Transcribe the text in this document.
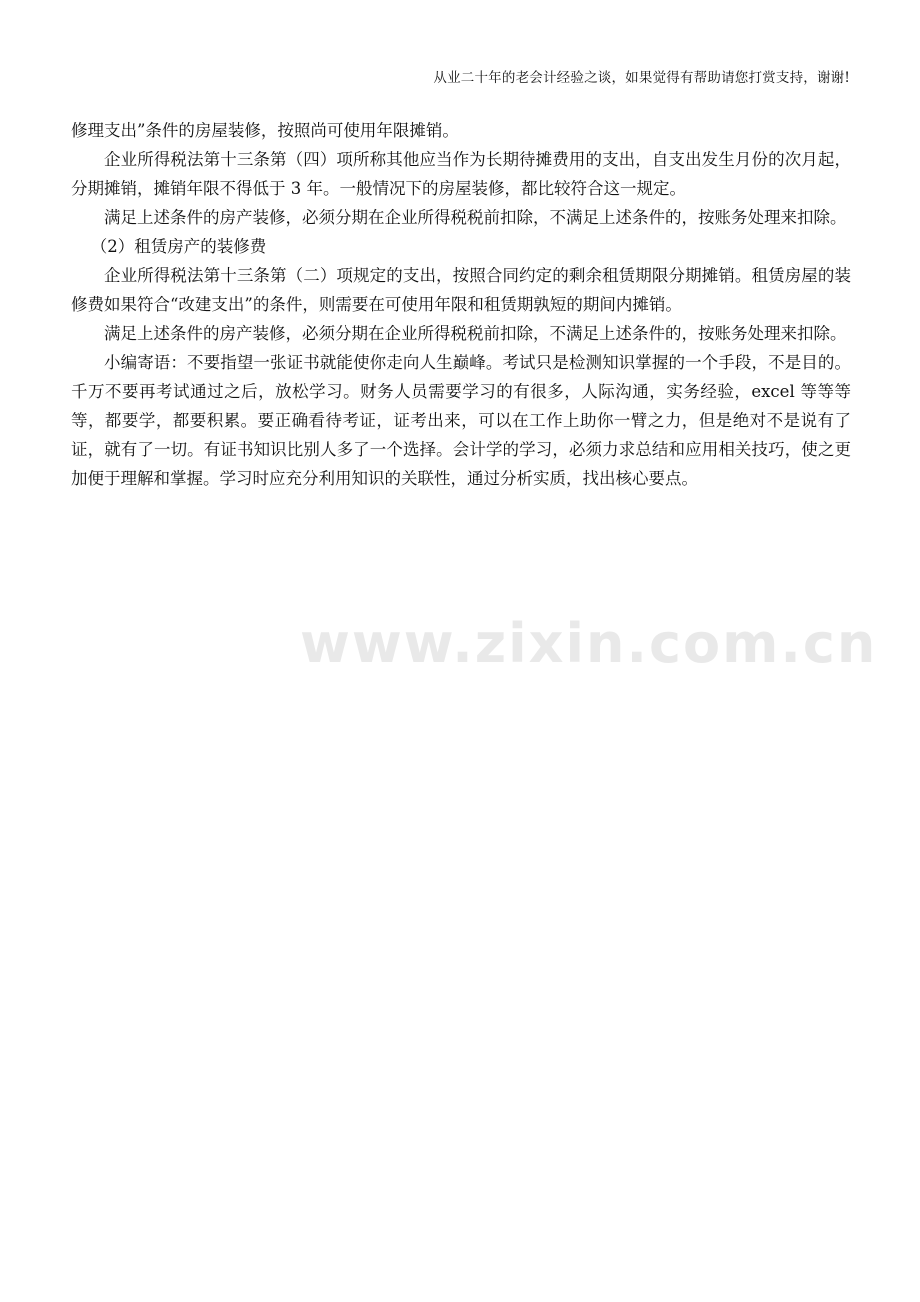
从业二十年的老会计经验之谈，如果觉得有帮助请您打赏支持，谢谢!
www.zixin.com.cn

修理支出”条件的房屋装修，按照尚可使用年限摊销。

企业所得税法第十三条第（四）项所称其他应当作为长期待摊费用的支出，自支出发生月份的次月起，分期摊销，摊销年限不得低于 3 年。一般情况下的房屋装修，都比较符合这一规定。

满足上述条件的房产装修，必须分期在企业所得税税前扣除，不满足上述条件的，按账务处理来扣除。

（2）租赁房产的装修费

企业所得税法第十三条第（二）项规定的支出，按照合同约定的剩余租赁期限分期摊销。租赁房屋的装修费如果符合“改建支出”的条件，则需要在可使用年限和租赁期孰短的期间内摊销。

满足上述条件的房产装修，必须分期在企业所得税税前扣除，不满足上述条件的，按账务处理来扣除。

小编寄语：不要指望一张证书就能使你走向人生巅峰。考试只是检测知识掌握的一个手段，不是目的。千万不要再考试通过之后，放松学习。财务人员需要学习的有很多，人际沟通，实务经验，excel 等等等等，都要学，都要积累。要正确看待考证，证考出来，可以在工作上助你一臂之力，但是绝对不是说有了证，就有了一切。有证书知识比别人多了一个选择。会计学的学习，必须力求总结和应用相关技巧，使之更加便于理解和掌握。学习时应充分利用知识的关联性，通过分析实质，找出核心要点。
